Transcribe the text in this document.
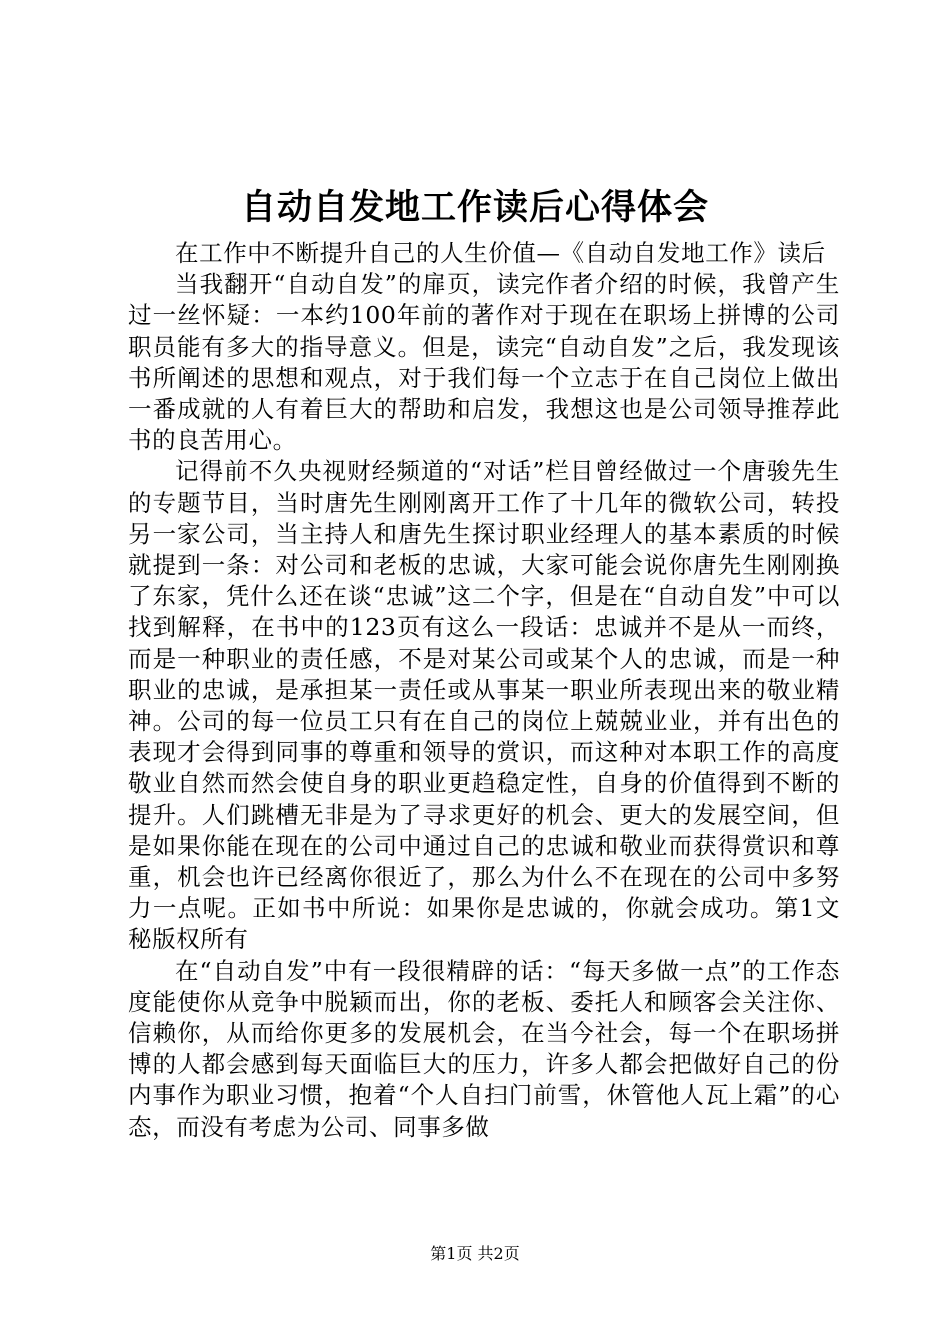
自动自发地工作读后心得体会

在工作中不断提升自己的人生价值—《自动自发地工作》读后

当我翻开“自动自发”的扉页，读完作者介绍的时候，我曾产生过一丝怀疑：一本约100年前的著作对于现在在职场上拼博的公司职员能有多大的指导意义。但是，读完“自动自发”之后，我发现该书所阐述的思想和观点，对于我们每一个立志于在自己岗位上做出一番成就的人有着巨大的帮助和启发，我想这也是公司领导推荐此书的良苦用心。

记得前不久央视财经频道的“对话”栏目曾经做过一个唐骏先生的专题节目，当时唐先生刚刚离开工作了十几年的微软公司，转投另一家公司，当主持人和唐先生探讨职业经理人的基本素质的时候就提到一条：对公司和老板的忠诚，大家可能会说你唐先生刚刚换了东家，凭什么还在谈“忠诚”这二个字，但是在“自动自发”中可以找到解释，在书中的123页有这么一段话：忠诚并不是从一而终，而是一种职业的责任感，不是对某公司或某个人的忠诚，而是一种职业的忠诚，是承担某一责任或从事某一职业所表现出来的敬业精神。公司的每一位员工只有在自己的岗位上兢兢业业，并有出色的表现才会得到同事的尊重和领导的赏识，而这种对本职工作的高度敬业自然而然会使自身的职业更趋稳定性，自身的价值得到不断的提升。人们跳槽无非是为了寻求更好的机会、更大的发展空间，但是如果你能在现在的公司中通过自己的忠诚和敬业而获得赏识和尊重，机会也许已经离你很近了，那么为什么不在现在的公司中多努力一点呢。正如书中所说：如果你是忠诚的，你就会成功。第1文秘版权所有

在“自动自发”中有一段很精辟的话：“每天多做一点”的工作态度能使你从竞争中脱颖而出，你的老板、委托人和顾客会关注你、信赖你，从而给你更多的发展机会，在当今社会，每一个在职场拼博的人都会感到每天面临巨大的压力，许多人都会把做好自己的份内事作为职业习惯，抱着“个人自扫门前雪，休管他人瓦上霜”的心态，而没有考虑为公司、同事多做

第1页 共2页
